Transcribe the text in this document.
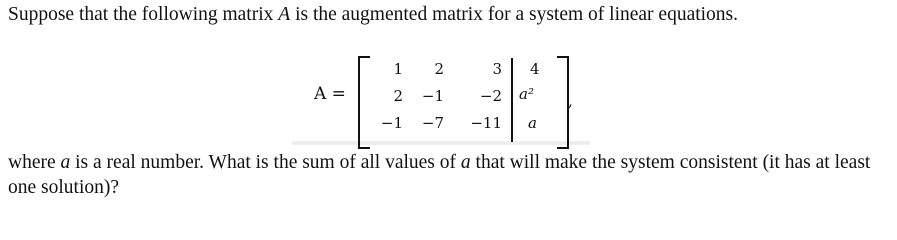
Suppose that the following matrix A is the augmented matrix for a system of linear equations.
A =
1	2	3 4
2	−1	−2 a²
−1	−7	−11 a
,
where a is a real number. What is the sum of all values of a that will make the system consistent (it has at least one solution)?
